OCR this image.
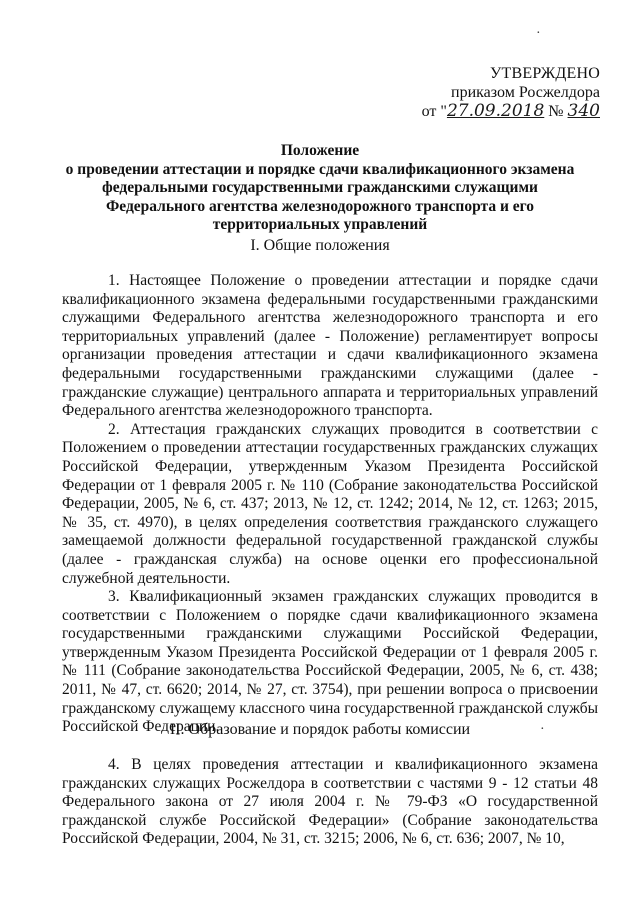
УТВЕРЖДЕНО
приказом Росжелдора
от "27.09.2018 № 340
Положение
о проведении аттестации и порядке сдачи квалификационного экзамена
федеральными государственными гражданскими служащими
Федерального агентства железнодорожного транспорта и его
территориальных управлений
I. Общие положения

1. Настоящее Положение о проведении аттестации и порядке сдачи квалификационного экзамена федеральными государственными гражданскими служащими Федерального агентства железнодорожного транспорта и его территориальных управлений (далее - Положение) регламентирует вопросы организации проведения аттестации и сдачи квалификационного экзамена федеральными государственными гражданскими служащими (далее - гражданские служащие) центрального аппарата и территориальных управлений Федерального агентства железнодорожного транспорта.

2. Аттестация гражданских служащих проводится в соответствии с Положением о проведении аттестации государственных гражданских служащих Российской Федерации, утвержденным Указом Президента Российской Федерации от 1 февраля 2005 г. № 110 (Собрание законодательства Российской Федерации, 2005, № 6, ст. 437; 2013, № 12, ст. 1242; 2014, № 12, ст. 1263; 2015, № 35, ст. 4970), в целях определения соответствия гражданского служащего замещаемой должности федеральной государственной гражданской службы (далее - гражданская служба) на основе оценки его профессиональной служебной деятельности.

3. Квалификационный экзамен гражданских служащих проводится в соответствии с Положением о порядке сдачи квалификационного экзамена государственными гражданскими служащими Российской Федерации, утвержденным Указом Президента Российской Федерации от 1 февраля 2005 г. № 111 (Собрание законодательства Российской Федерации, 2005, № 6, ст. 438; 2011, № 47, ст. 6620; 2014, № 27, ст. 3754), при решении вопроса о присвоении гражданскому служащему классного чина государственной гражданской службы Российской Федерации.

II. Образование и порядок работы комиссии

4. В целях проведения аттестации и квалификационного экзамена гражданских служащих Росжелдора в соответствии с частями 9 - 12 статьи 48 Федерального закона от 27 июля 2004 г. № 79-ФЗ «О государственной гражданской службе Российской Федерации» (Собрание законодательства Российской Федерации, 2004, № 31, ст. 3215; 2006, № 6, ст. 636; 2007, № 10,

·
·
